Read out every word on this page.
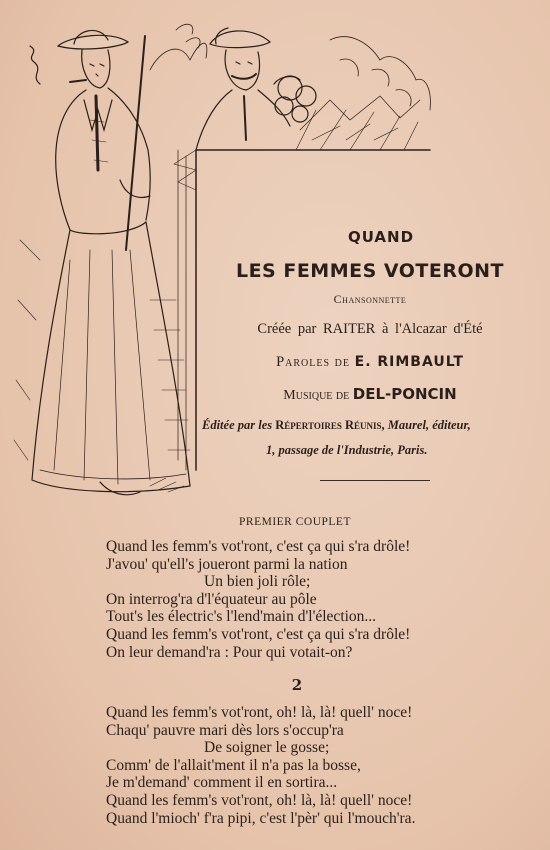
QUAND
LES FEMMES VOTERONT
Chansonnette
Créée par RAITER à l'Alcazar d'Été
Paroles de E. RIMBAULT
Musique de DEL-PONCIN
Éditée par les Répertoires Réunis, Maurel, éditeur,
1, passage de l'Industrie, Paris.
PREMIER COUPLET
Quand les femm's vot'ront, c'est ça qui s'ra drôle!
J'avou' qu'ell's joueront parmi la nation
Un bien joli rôle;
On interrog'ra d'l'équateur au pôle
Tout's les électric's l'lend'main d'l'élection...
Quand les femm's vot'ront, c'est ça qui s'ra drôle!
On leur demand'ra : Pour qui votait-on?
2
Quand les femm's vot'ront, oh! là, là! quell' noce!
Chaqu' pauvre mari dès lors s'occup'ra
De soigner le gosse;
Comm' de l'allait'ment il n'a pas la bosse,
Je m'demand' comment il en sortira...
Quand les femm's vot'ront, oh! là, là! quell' noce!
Quand l'mioch' f'ra pipi, c'est l'pèr' qui l'mouch'ra.
